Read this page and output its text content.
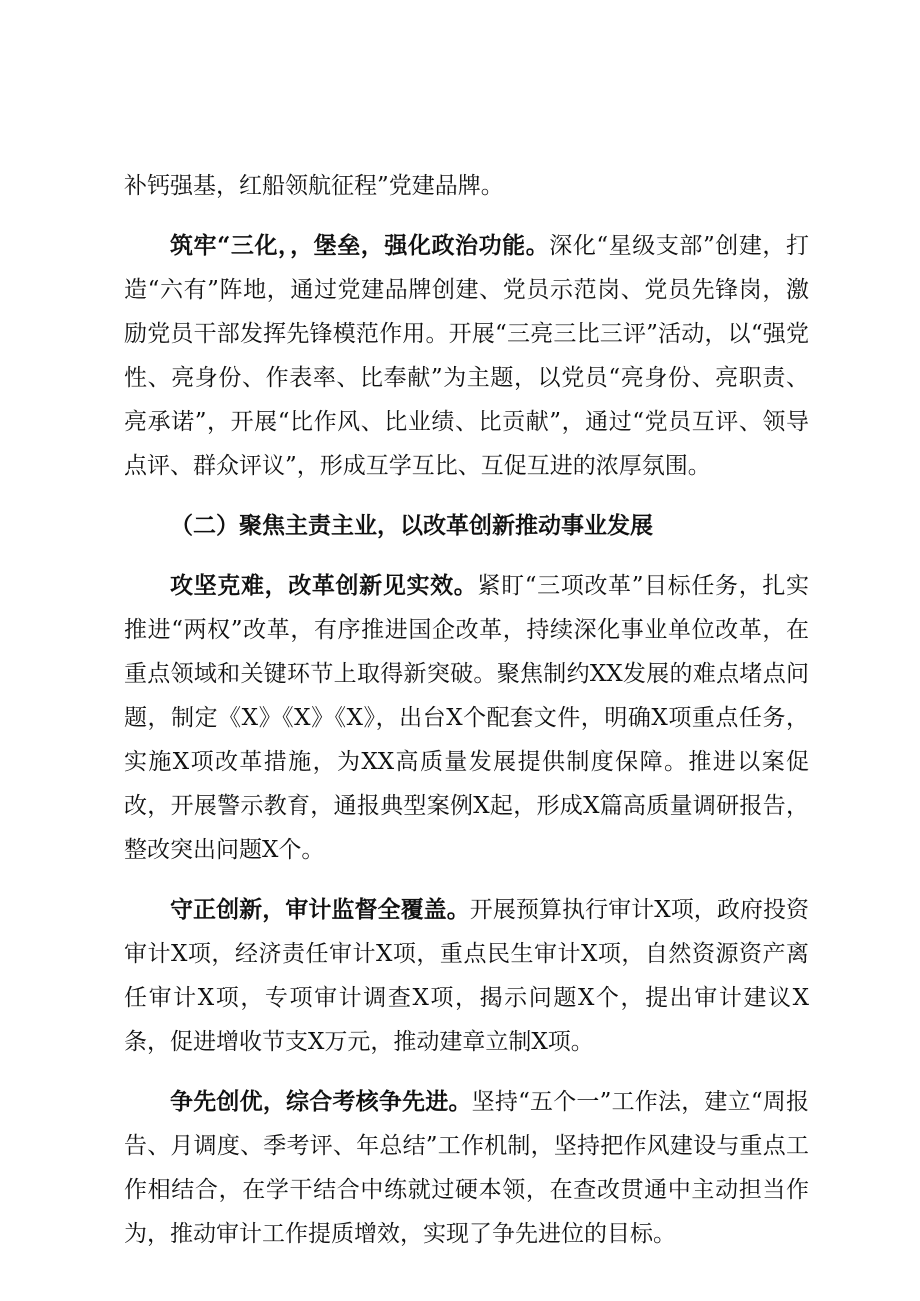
补钙强基，红船领航征程”党建品牌。

筑牢“三化，，堡垒，强化政治功能。深化“星级支部”创建，打造“六有”阵地，通过党建品牌创建、党员示范岗、党员先锋岗，激励党员干部发挥先锋模范作用。开展“三亮三比三评”活动，以“强党性、亮身份、作表率、比奉献”为主题，以党员“亮身份、亮职责、亮承诺”，开展“比作风、比业绩、比贡献”，通过“党员互评、领导点评、群众评议”，形成互学互比、互促互进的浓厚氛围。

（二）聚焦主责主业，以改革创新推动事业发展

攻坚克难，改革创新见实效。紧盯“三项改革”目标任务，扎实推进“两权”改革，有序推进国企改革，持续深化事业单位改革，在重点领域和关键环节上取得新突破。聚焦制约XX发展的难点堵点问题，制定《X》《X》《X》，出台X个配套文件，明确X项重点任务，实施X项改革措施，为XX高质量发展提供制度保障。推进以案促改，开展警示教育，通报典型案例X起，形成X篇高质量调研报告，整改突出问题X个。

守正创新，审计监督全覆盖。开展预算执行审计X项，政府投资审计X项，经济责任审计X项，重点民生审计X项，自然资源资产离任审计X项，专项审计调查X项，揭示问题X个，提出审计建议X条，促进增收节支X万元，推动建章立制X项。

争先创优，综合考核争先进。坚持“五个一”工作法，建立“周报告、月调度、季考评、年总结”工作机制，坚持把作风建设与重点工作相结合，在学干结合中练就过硬本领，在查改贯通中主动担当作为，推动审计工作提质增效，实现了争先进位的目标。
